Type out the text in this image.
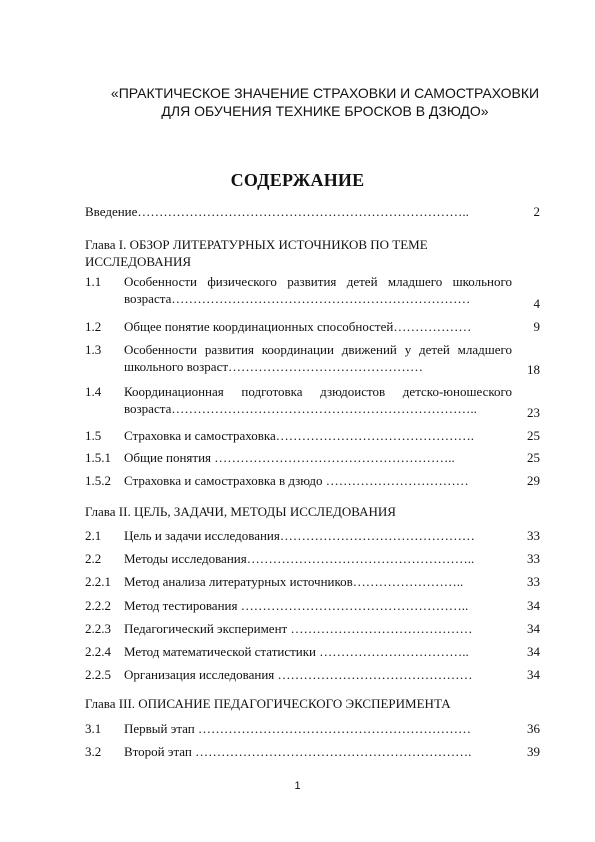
«ПРАКТИЧЕСКОЕ ЗНАЧЕНИЕ СТРАХОВКИ И САМОСТРАХОВКИ
ДЛЯ ОБУЧЕНИЯ ТЕХНИКЕ БРОСКОВ В ДЗЮДО»
СОДЕРЖАНИЕ
Введение…………………………………………………………………..	2
Глава I. ОБЗОР ЛИТЕРАТУРНЫХ ИСТОЧНИКОВ ПО ТЕМЕ ИССЛЕДОВАНИЯ
1.1 Особенности физического развития детей младшего школьного возраста……………………………………………………………	4
1.2 Общее понятие координационных способностей………………	9
1.3 Особенности развития координации движений у детей младшего школьного возраст………………………………………	18
1.4 Координационная подготовка дзюдоистов детско-юношеского возраста……………………………………………………………..	23
1.5 Страховка и самостраховка……………………………………….	25
1.5.1 Общие понятия ………………………………………………..	25
1.5.2 Страховка и самостраховка в дзюдо ……………………………	29
Глава II. ЦЕЛЬ, ЗАДАЧИ, МЕТОДЫ ИССЛЕДОВАНИЯ
2.1 Цель и задачи исследования………………………………………	33
2.2 Методы исследования……………………………………………..	33
2.2.1 Метод анализа литературных источников……………………..	33
2.2.2 Метод тестирования ……………………………………………..	34
2.2.3 Педагогический эксперимент ……………………………………	34
2.2.4 Метод математической статистики ……………………………..	34
2.2.5 Организация исследования ………………………………………	34
Глава III. ОПИСАНИЕ ПЕДАГОГИЧЕСКОГО ЭКСПЕРИМЕНТА
3.1 Первый этап ………………………………………………………	36
3.2 Второй этап ……………………………………………………….	39
1
